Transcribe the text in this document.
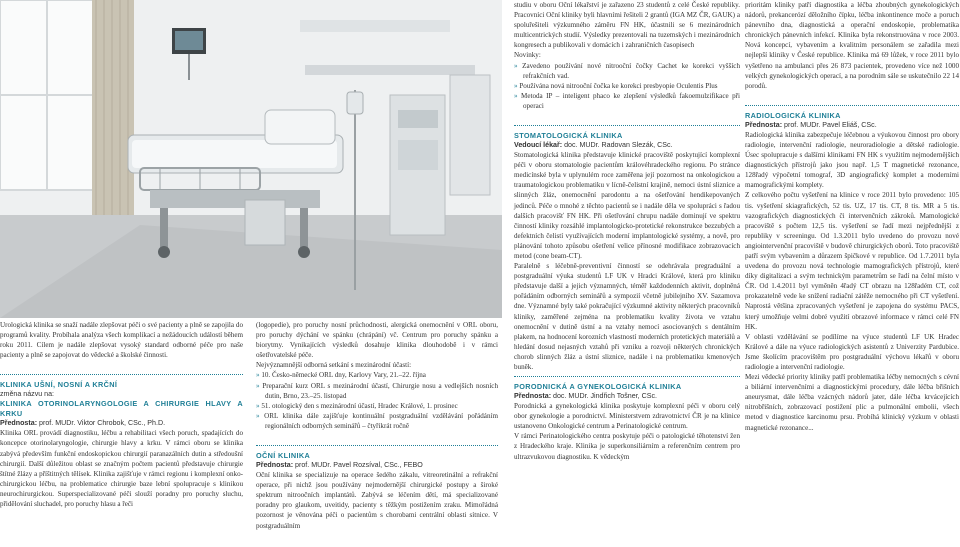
Urologická klinika se snaží nadále zlepšovat péči o své pacienty a plně se zapojila do programů kvality. Probíhala analýza všech komplikací a nežádoucích událostí během roku 2011. Cílem je nadále zlepšovat vysoký standard odborné péče pro naše pacienty a plně se zapojovat do vědecké a školské činnosti.

KLINIKA UŠNÍ, NOSNÍ A KRČNÍ
změna názvu na:
KLINIKA OTORINOLARYNGOLOGIE A CHIRURGIE HLAVY A KRKU
Přednosta: prof. MUDr. Viktor Chrobok, CSc., Ph.D.

Klinika ORL provádí diagnostiku, léčbu a rehabilitaci všech poruch, spadajících do koncepce otorinolaryngologie, chirurgie hlavy a krku. V rámci oboru se klinika zabývá především funkční endoskopickou chirurgií paranazálních dutin a středoušní chirurgií. Další důležitou oblast se značným počtem pacientů představuje chirurgie štítné žlázy a příštitných tělísek. Klinika zajišťuje v rámci regionu i komplexní onko-chirurgickou léčbu, na problematice chirurgie baze lební spolupracuje s klinikou neurochirurgickou. Superspecializované péči slouží poradny pro poruchy sluchu, přidělování sluchadel, pro poruchy hlasu a řeči

(logopedie), pro poruchy nosní průchodnosti, alergická onemocnění v ORL oboru, pro poruchy dýchání ve spánku (chrápání) vč. Centrum pro poruchy spánku a biorytmy. Vynikajících výsledků dosahuje klinika dlouhodobě i v rámci ošetřovatelské péče.

Nejvýznamnější odborná setkání s mezinárodní účastí:

» 10. Česko-německé ORL dny, Karlovy Vary, 21.–22. října

» Preparační kurz ORL s mezinárodní účastí, Chirurgie nosu a vedlejších nosních dutin, Brno, 23.–25. listopad

» 51. otologický den s mezinárodní účastí, Hradec Králové, 1. prosinec

» ORL klinika dále zajišťuje kontinuální postgraduální vzdělávání pořádáním regionálních odborných seminářů – čtyřikrát ročně

OČNÍ KLINIKA
Přednosta: prof. MUDr. Pavel Rozsíval, CSc., FEBO

Oční klinika se specializuje na operace šedého zákalu, vitreoretinální a refrakční operace, při nichž jsou používány nejmodernější chirurgické postupy a široké spektrum nitroočních implantátů. Zabývá se léčením dětí, má specializované poradny pro glaukom, uveitidy, pacienty s těžkým postižením zraku. Mimořádná pozornost je věnována péči o pacientům s chorobami centrální oblasti sítnice. V postgraduálním

studiu v oboru Oční lékařství je zařazeno 23 studentů z celé České republiky. Pracovníci Oční kliniky byli hlavními řešiteli 2 grantů (IGA MZ ČR, GAUK) a spoluřešiteli výzkumného záměru FN HK, účastnili se 6 mezinárodních multicentrických studií. Výsledky prezentovali na tuzemských i mezinárodních kongresech a publikovali v domácích i zahraničních časopisech

Novinky:

» Zavedeno používání nové nitrooční čočky Cachet ke korekci vyšších refrakčních vad.

» Používána nová nitrooční čočka ke korekci presbyopie Oculentis Plus

» Metoda IP – inteligent phaco ke zlepšení výsledků fakoemulzifikace při operaci

STOMATOLOGICKÁ KLINIKA
Vedoucí lékař: doc. MUDr. Radovan Slezák, CSc.

Stomatologická klinika představuje klinické pracoviště poskytující komplexní péči v oboru stomatologie pacientům královéhradeckého regionu. Po stránce medicínské byla v uplynulém roce zaměřena její pozornost na onkologickou a traumatologickou problematiku v lícně-čelistní krajině, nemoci ústní sliznice a slinných žláz, onemocnění parodontu a na ošetřování hendikepovaných jedinců. Péče o mnohé z těchto pacientů se i nadále děla ve spolupráci s řadou dalších pracovišť FN HK. Při ošetřování chrupu nadále dominují ve spektru činností kliniky rozsáhlé implantologicko-protetické rekonstrukce bezzubých a defektních čelistí využívajících moderní implantologické systémy, a nově, pro plánování tohoto způsobu ošetření velice přínosné modifikace zobrazovacích metod (cone beam-CT).

Paralelně s léčebně-preventivní činností se odehrávala pregraduální a postgraduální výuka studentů LF UK v Hradci Králové, která pro kliniku představuje další a jejich významných, téměř každodenních aktivit, doplněná pořádáním odborných seminářů a sympozií včetně jubilejního XV. Sazamova dne. Významné byly také pokračující výzkumné aktivity některých pracovníků kliniky, zaměřené zejména na problematiku kvality života ve vztahu onemocnění v dutině ústní a na vztahy nemocí asociovaných s dentálním plakem, na hodnocení korozních vlastností moderních protetických materiálů a hledání dosud nejasných vztahů při vzniku a rozvoji některých chronických chorob slinných žláz a ústní sliznice, nadále i na problematiku kmenových buněk.

PORODNICKÁ A GYNEKOLOGICKÁ KLINIKA
Přednosta: doc. MUDr. Jindřich Tošner, CSc.

Porodnická a gynekologická klinika poskytuje komplexní péči v oboru celý obor gynekologie a porodnictví. Ministerstvem zdravotnictví ČR je na klinice ustanoveno Onkologické centrum a Perinatologické centrum.

V rámci Perinatologického centra poskytuje péči o patologické těhotenství žen z Hradeckého kraje. Klinika je superkonsiliárním a referenčním centrem pro ultrazvukovou diagnostiku. K vědeckým

prioritám kliniky patří diagnostika a léčba zhoubných gynekologických nádorů, prekancerózí děložního čípku, léčba inkontinence moče a poruch pánevního dna, diagnostická a operační endoskopie, problematika chronických pánevních infekcí. Klinika byla rekonstruována v roce 2003. Nová koncepcí, vybavením a kvalitním personálem se zařadila mezi nejlepší kliniky v České republice. Klinika má 69 lůžek, v roce 2011 bylo vyšetřeno na ambulanci přes 26 873 pacientek, provedeno více než 1000 velkých gynekologických operací, a na porodním sále se uskutečnilo 22 14 porodů.

RADIOLOGICKÁ KLINIKA
Přednosta: prof. MUDr. Pavel Eliáš, CSc.

Radiologická klinika zabezpečuje léčebnou a výukovou činnost pro obory radiologie, intervenční radiologie, neuroradiologie a dětské radiologie. Úsec spolupracuje s dalšími klinikami FN HK s využitím nejmodernějších diagnostických přístrojů jako jsou např. 1,5 T magnetické rezonance, 128řadý výpočetní tomograf, 3D angiografický komplet a moderními mamografickými komplety.

Z celkového počtu vyšetření na klinice v roce 2011 bylo provedeno: 105 tis. vyšetření skiagrafických, 52 tis. UZ, 17 tis. CT, 8 tis. MR a 5 tis. vazografických diagnostických či intervenčních zákroků. Mamologické pracoviště s počtem 12,5 tis. vyšetření se řadí mezi nejpřednější z republiky v screeningu. Od 1.3.2011 bylo uvedeno do provozu nové angiointervenční pracoviště v budově chirurgických oborů. Toto pracoviště patří svým vybavením a důrazem špičkové v republice. Od 1.7.2011 byla uvedena do provozu nová technologie mamografických přístrojů, které díky digitalizaci a svým technickým parametrům se řadí na čelní místo v ČR. Od 1.4.2011 byl vyměněn 4řadý CT obrazu na 128řadém CT, což prokazatelně vede ke snížení radiační zátěže nemocného při CT vyšetření. Naprostá většina zpracovaných vyšetření je zapojena do systému PACS, který umožňuje velmi dobré využití obrazové informace v rámci celé FN HK.

V oblasti vzdělávání se podílíme na výuce studentů LF UK Hradec Králové a dále na výuce radiologických asistentů z Univerzity Pardubice. Jsme školícím pracovištěm pro postgraduální výchovu lékařů v oboru radiologie a intervenční radiologie.

Mezi vědecké priority kliniky patří problematika léčby nemocných s cévní a biliární intervenčními a diagnostickými procedury, dále léčba břišních aneurysmat, dále léčba vzácných nádorů jater, dále léčba krvácejících nitrobřišních, zobrazovací postižení plic a pulmonální embolii, všech metod v diagnostice karcinomu prsu. Probíhá klinický výzkum v oblasti magnetické rezonance...
